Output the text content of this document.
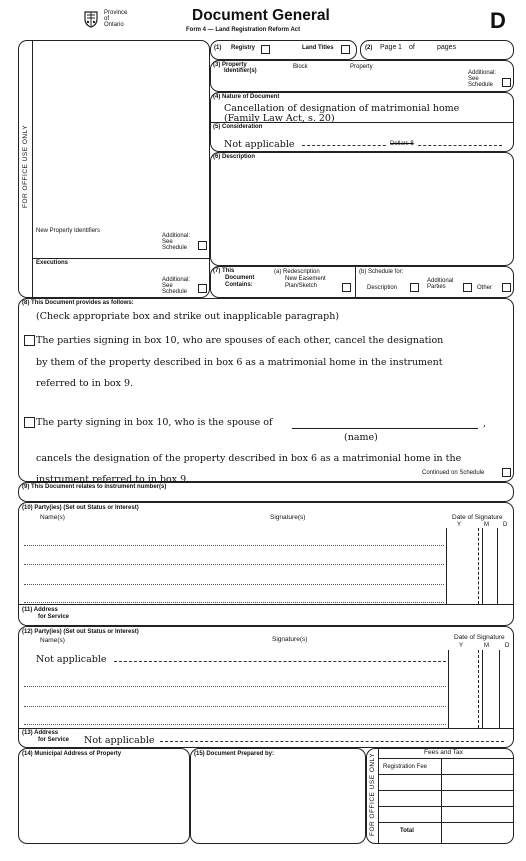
Province
of
Ontario
Document General
Form 4 — Land Registration Reform Act	D
FOR OFFICE USE ONLY
New Property Identifiers
Additional:
See
Schedule
Executions
Additional:
See
Schedule
(1) Registry	Land Titles	(2) Page 1 of	pages
(3) Property
Identifier(s)
Block	Property
Additional:
See
Schedule
(4) Nature of Document
Cancellation of designation of matrimonial home
(Family Law Act, s. 20)
(5) Consideration
Not applicable	Dollars $
(6) Description
(7) This
Document
Contains:
(a) Redescription
New Easement
Plan/Sketch
(b) Schedule for:
Description
Additional
Parties	Other
(8) This Document provides as follows:
(Check appropriate box and strike out inapplicable paragraph)
The parties signing in box 10, who are spouses of each other, cancel the designation
by them of the property described in box 6 as a matrimonial home in the instrument
referred to in box 9.
The party signing in box 10, who is the spouse of	,
(name)
cancels the designation of the property described in box 6 as a matrimonial home in the
instrument referred to in box 9.
Continued on Schedule
(9) This Document relates to instrument number(s)
(10) Party(ies) (Set out Status or Interest)
Name(s)	Signature(s)	Date of Signature
Y	M D
(11) Address
for Service
(12) Party(ies) (Set out Status or Interest)
Name(s)	Signature(s)	Date of Signature
Y	M	D
Not applicable
(13) Address
for Service Not applicable
(14) Municipal Address of Property	(15) Document Prepared by:	FOR OFFICE USE ONLY
Fees and Tax
Registration Fee
Total
